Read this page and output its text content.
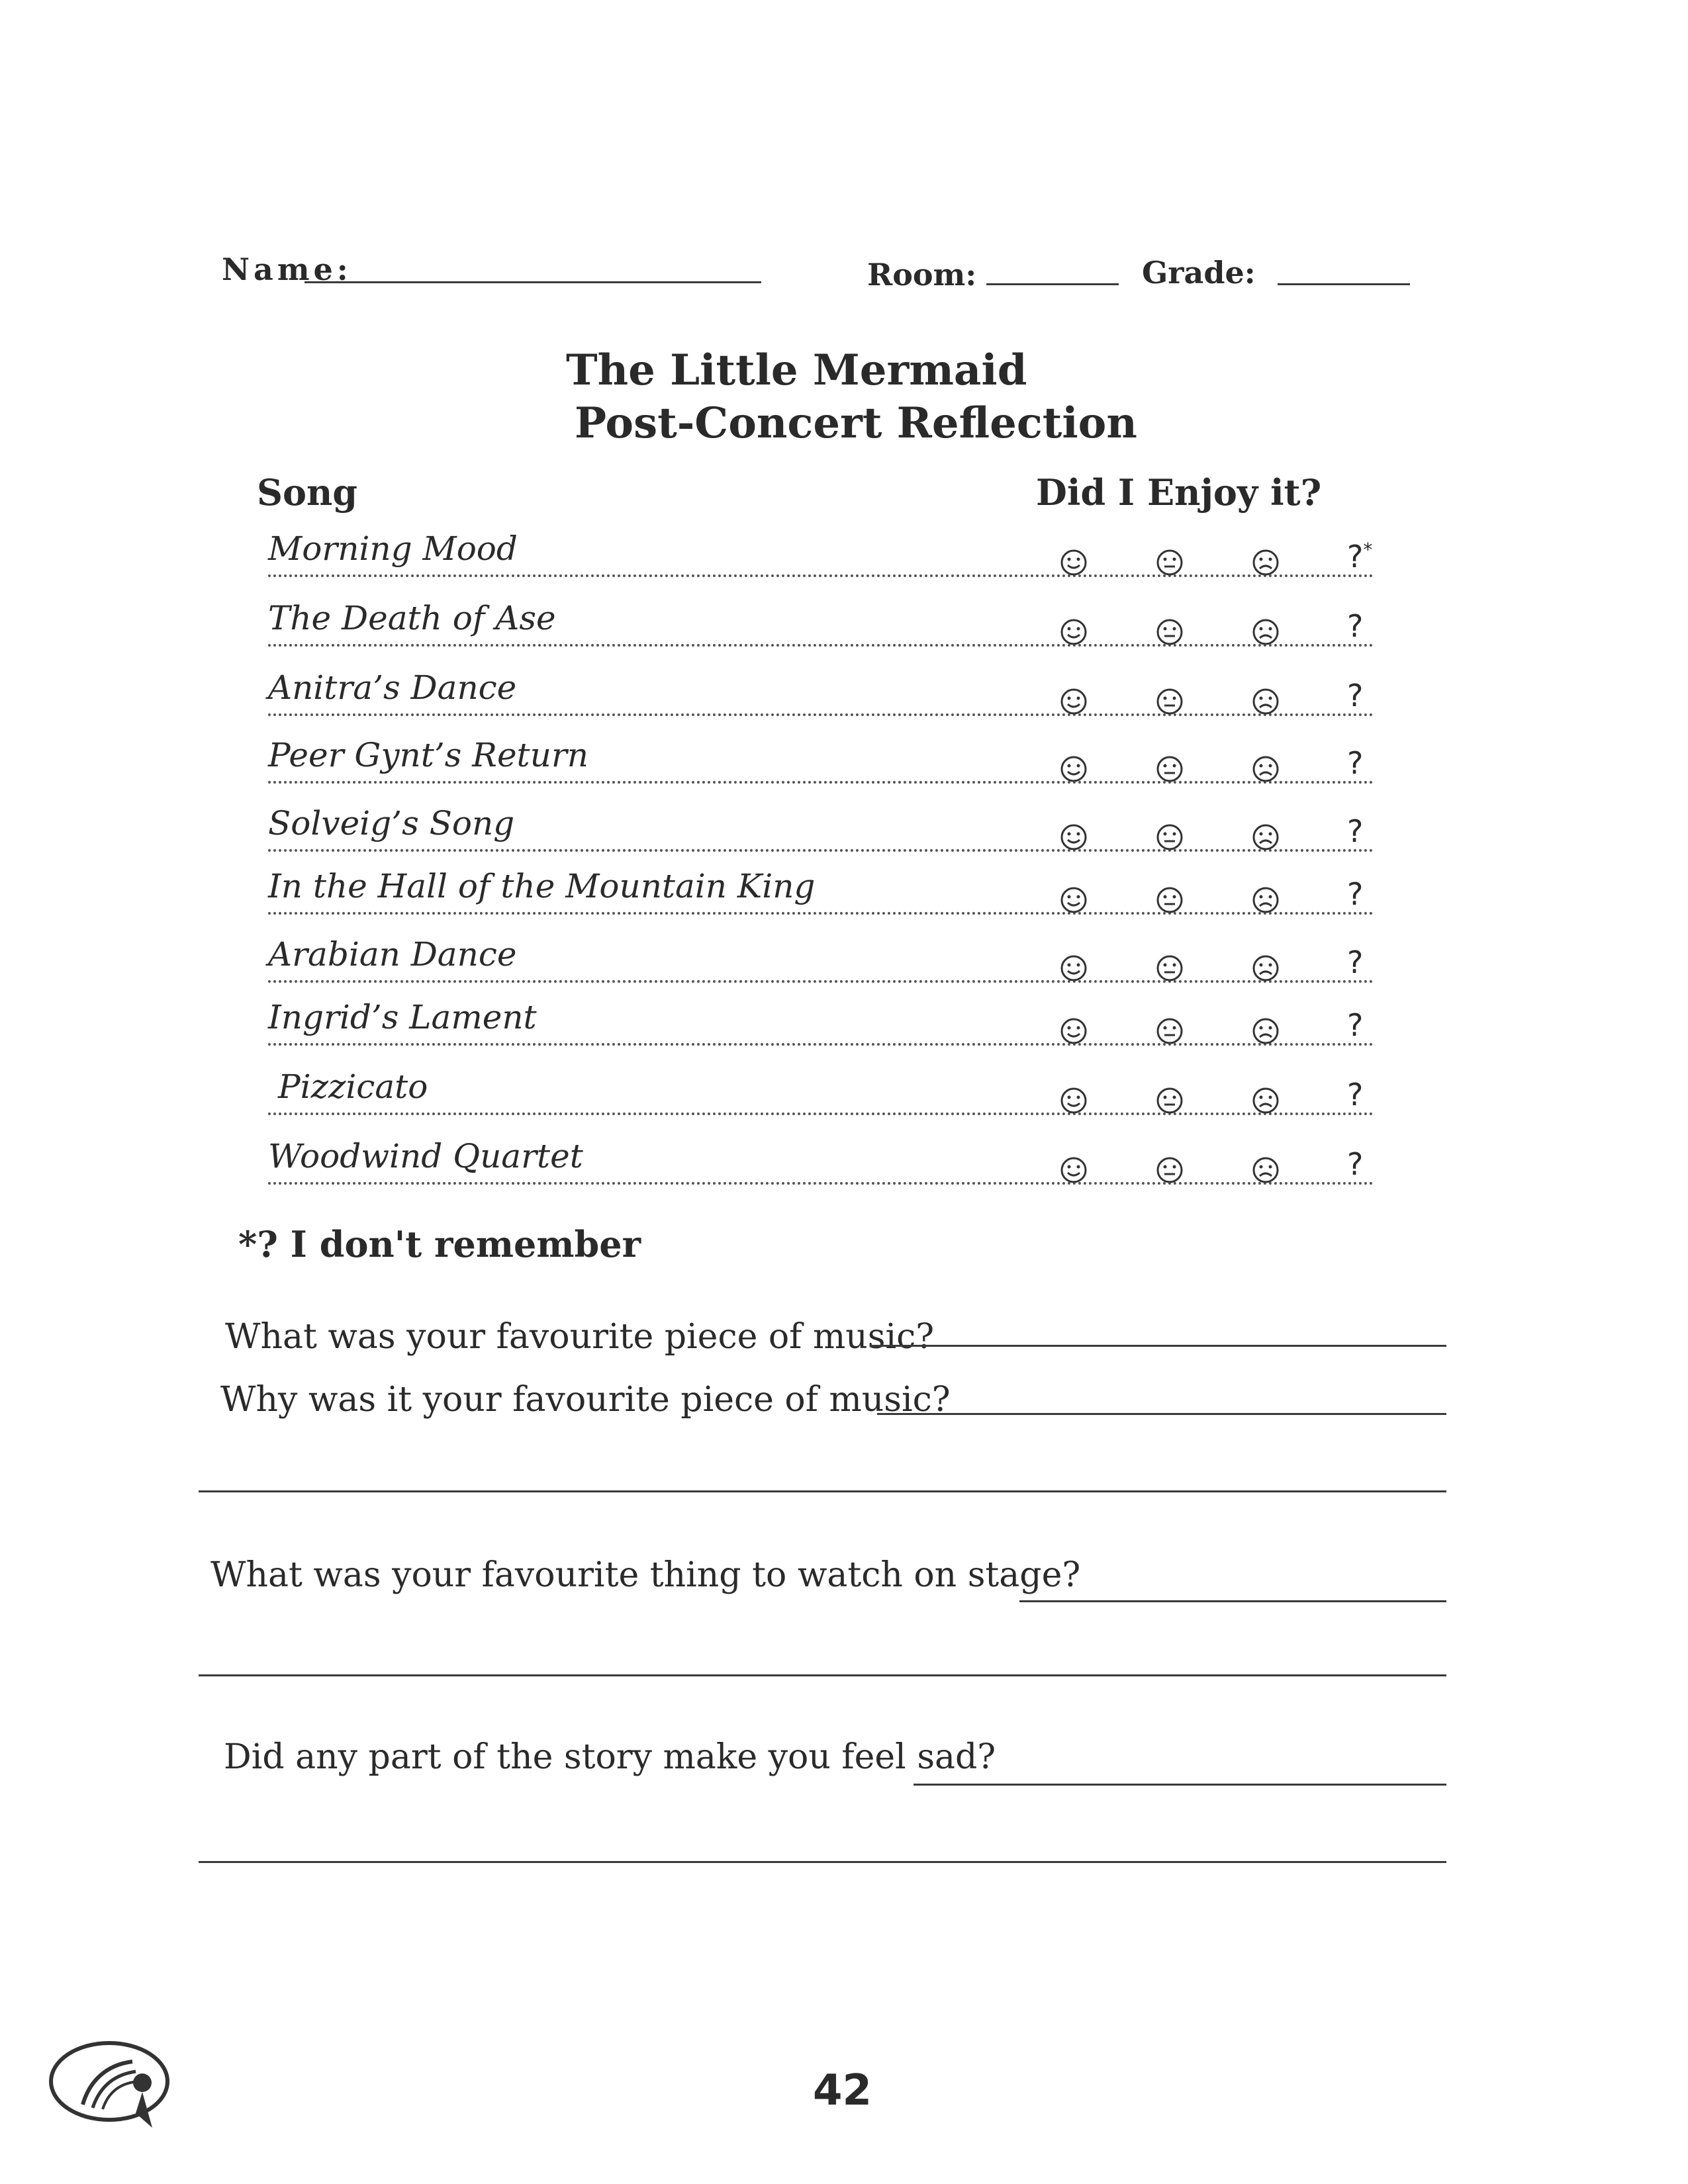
Name:	Room:	Grade:
The Little Mermaid
Post-Concert Reflection
Song	Did I Enjoy it?
Morning Mood	?*
The Death of Ase	?
Anitra’s Dance	?
Peer Gynt’s Return	?
Solveig’s Song	?
In the Hall of the Mountain King	?
Arabian Dance	?
Ingrid’s Lament	?
Pizzicato	?
Woodwind Quartet	?
*? I don't remember
What was your favourite piece of music?
Why was it your favourite piece of music?
What was your favourite thing to watch on stage?
Did any part of the story make you feel sad?
42
